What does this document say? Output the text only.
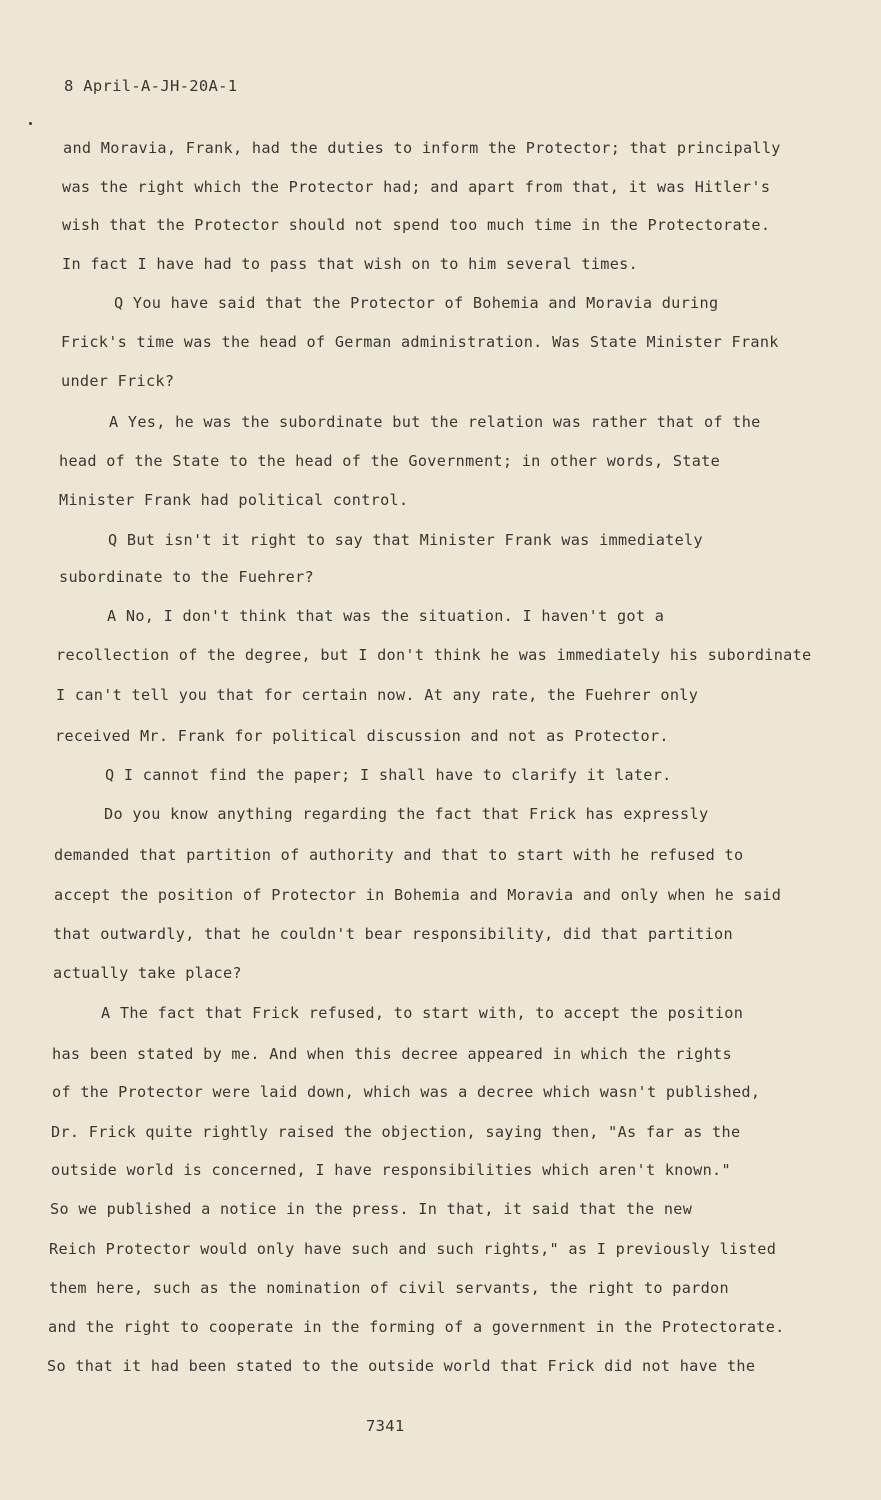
8 April-A-JH-20A-1
and Moravia, Frank, had the duties to inform the Protector; that principally
was the right which the Protector had; and apart from that, it was Hitler's
wish that the Protector should not spend too much time in the Protectorate.
In fact I have had to pass that wish on to him several times.
Q You have said that the Protector of Bohemia and Moravia during
Frick's time was the head of German administration. Was State Minister Frank
under Frick?
A Yes, he was the subordinate but the relation was rather that of the
head of the State to the head of the Government; in other words, State
Minister Frank had political control.
Q But isn't it right to say that Minister Frank was immediately
subordinate to the Fuehrer?
A No, I don't think that was the situation. I haven't got a
recollection of the degree, but I don't think he was immediately his subordinate
I can't tell you that for certain now. At any rate, the Fuehrer only
received Mr. Frank for political discussion and not as Protector.
Q I cannot find the paper; I shall have to clarify it later.
Do you know anything regarding the fact that Frick has expressly
demanded that partition of authority and that to start with he refused to
accept the position of Protector in Bohemia and Moravia and only when he said
that outwardly, that he couldn't bear responsibility, did that partition
actually take place?
A The fact that Frick refused, to start with, to accept the position
has been stated by me. And when this decree appeared in which the rights
of the Protector were laid down, which was a decree which wasn't published,
Dr. Frick quite rightly raised the objection, saying then, "As far as the
outside world is concerned, I have responsibilities which aren't known."
So we published a notice in the press. In that, it said that the new
Reich Protector would only have such and such rights," as I previously listed
them here, such as the nomination of civil servants, the right to pardon
and the right to cooperate in the forming of a government in the Protectorate.
So that it had been stated to the outside world that Frick did not have the
7341
